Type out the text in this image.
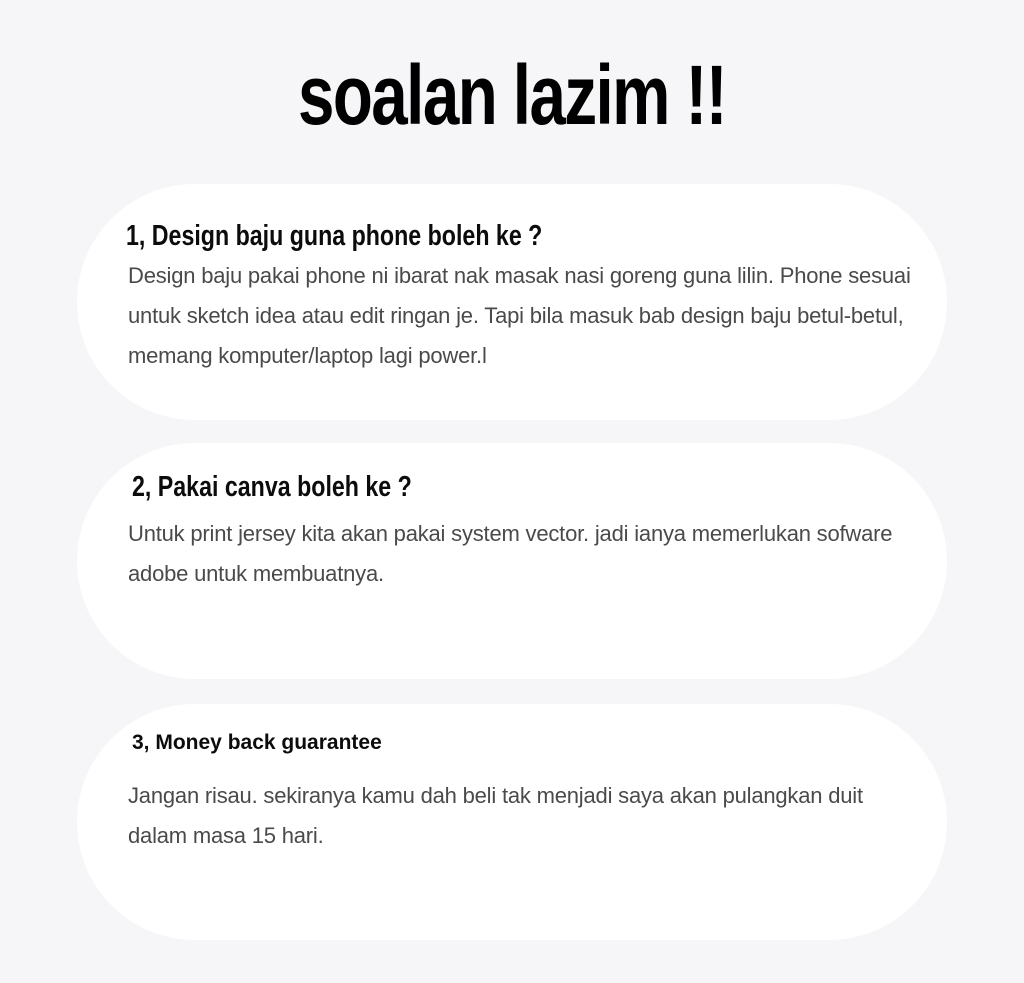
soalan lazim !!
1, Design baju guna phone boleh ke ?
Design baju pakai phone ni ibarat nak masak nasi goreng guna lilin. Phone sesuai untuk sketch idea atau edit ringan je. Tapi bila masuk bab design baju betul-betul, memang komputer/laptop lagi power.l
2, Pakai canva boleh ke ?
Untuk print jersey kita akan pakai system vector. jadi ianya memerlukan sofware adobe untuk membuatnya.
3, Money back guarantee
Jangan risau. sekiranya kamu dah beli tak menjadi saya akan pulangkan duit dalam masa 15 hari.
